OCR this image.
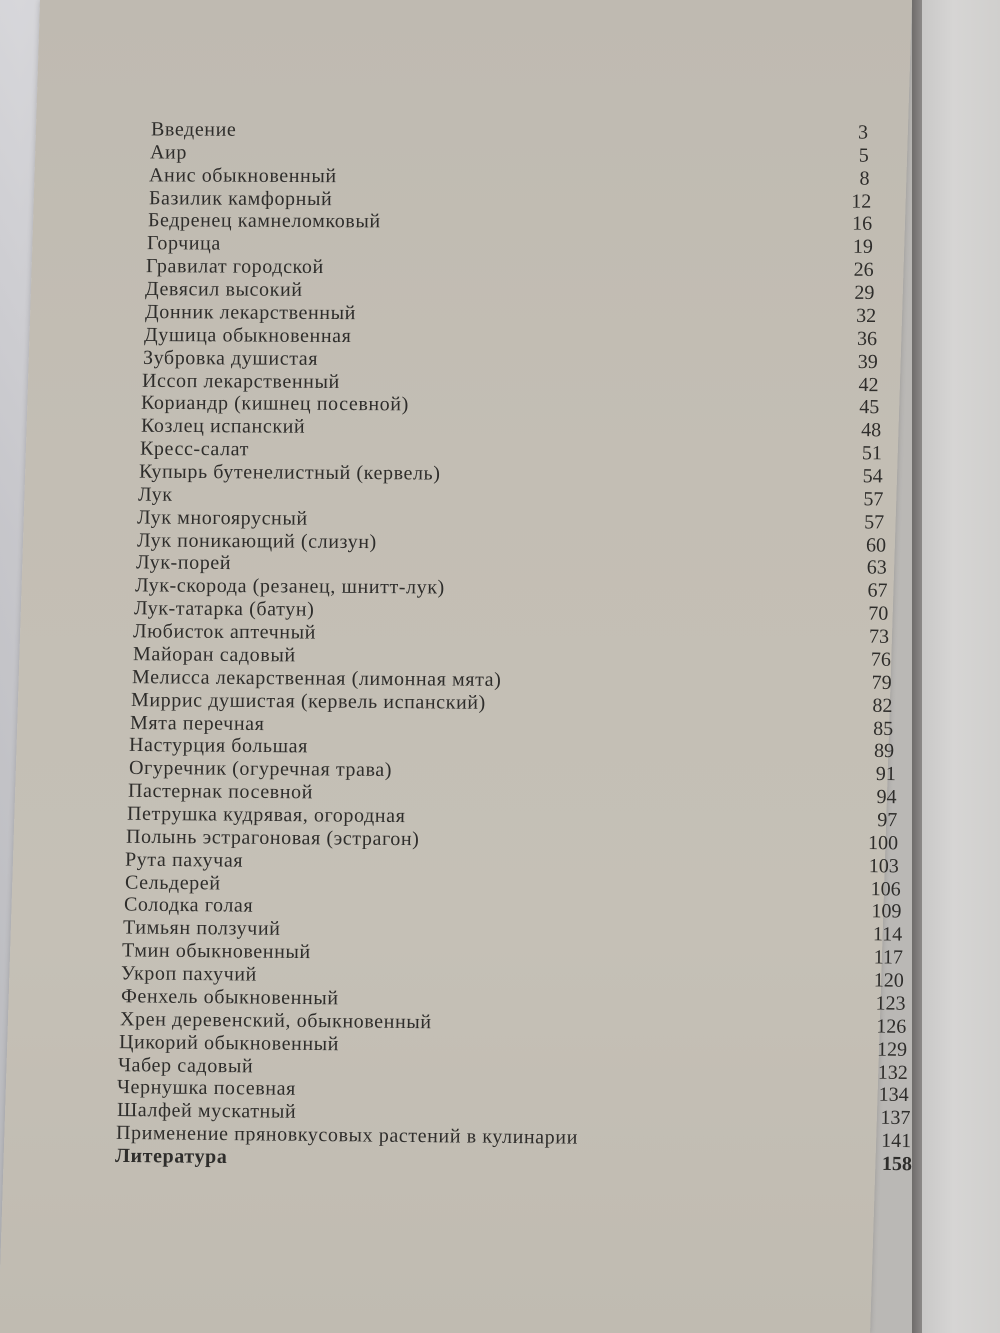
Введение	3
Аир	5
Анис обыкновенный	8
Базилик камфорный	12
Бедренец камнеломковый	16
Горчица	19
Гравилат городской	26
Девясил высокий	29
Донник лекарственный	32
Душица обыкновенная	36
Зубровка душистая	39
Иссоп лекарственный	42
Кориандр (кишнец посевной)	45
Козлец испанский	48
Кресс-салат	51
Купырь бутенелистный (кервель)	54
Лук	57
Лук многоярусный	57
Лук поникающий (слизун)	60
Лук-порей	63
Лук-скорода (резанец, шнитт-лук)	67
Лук-татарка (батун)	70
Любисток аптечный	73
Майоран садовый	76
Мелисса лекарственная (лимонная мята)	79
Миррис душистая (кервель испанский)	82
Мята перечная	85
Настурция большая	89
Огуречник (огуречная трава)	91
Пастернак посевной	94
Петрушка кудрявая, огородная	97
Полынь эстрагоновая (эстрагон)	100
Рута пахучая	103
Сельдерей	106
Солодка голая	109
Тимьян ползучий	114
Тмин обыкновенный	117
Укроп пахучий	120
Фенхель обыкновенный	123
Хрен деревенский, обыкновенный	126
Цикорий обыкновенный	129
Чабер садовый	132
Чернушка посевная	134
Шалфей мускатный	137
Применение пряновкусовых растений в кулинарии	141
Литература	158
